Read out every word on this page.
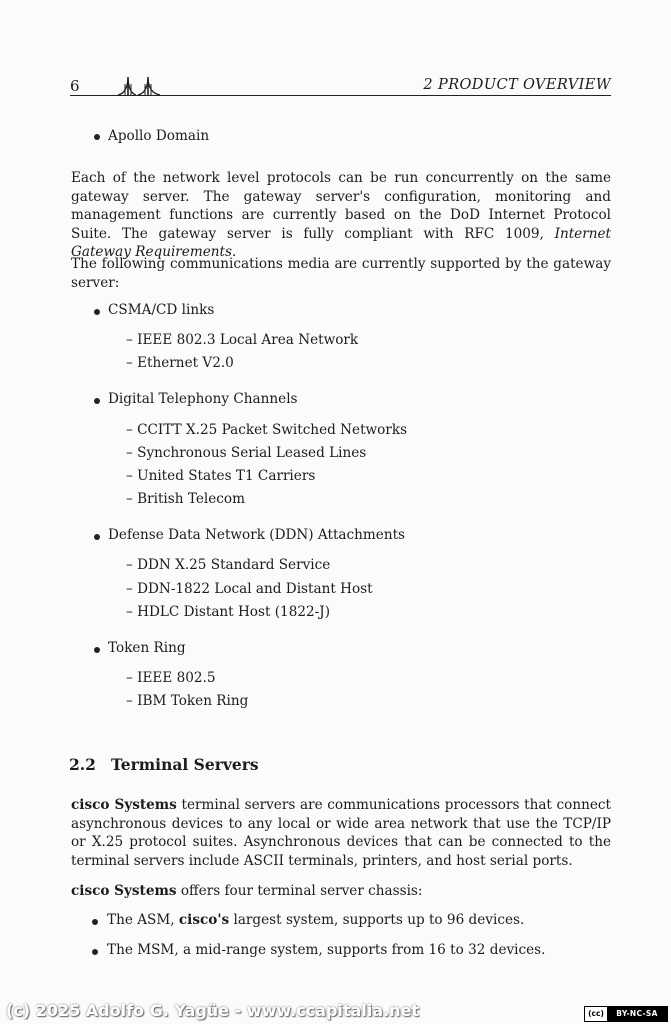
6	2 PRODUCT OVERVIEW
Apollo Domain
Each of the network level protocols can be run concurrently on the same gateway server. The gateway server's configuration, monitoring and management functions are currently based on the DoD Internet Protocol Suite. The gateway server is fully compliant with RFC 1009, Internet Gateway Requirements.
The following communications media are currently supported by the gateway server:
CSMA/CD links
– IEEE 802.3 Local Area Network
– Ethernet V2.0
Digital Telephony Channels
– CCITT X.25 Packet Switched Networks
– Synchronous Serial Leased Lines
– United States T1 Carriers
– British Telecom
Defense Data Network (DDN) Attachments
– DDN X.25 Standard Service
– DDN-1822 Local and Distant Host
– HDLC Distant Host (1822-J)
Token Ring
– IEEE 802.5
– IBM Token Ring
2.2 Terminal Servers
cisco Systems terminal servers are communications processors that connect asynchronous devices to any local or wide area network that use the TCP/IP or X.25 protocol suites. Asynchronous devices that can be connected to the terminal servers include ASCII terminals, printers, and host serial ports.
cisco Systems offers four terminal server chassis:
The ASM, cisco's largest system, supports up to 96 devices.
The MSM, a mid-range system, supports from 16 to 32 devices.
(c) 2025 Adolfo G. Yagüe - www.ccapitalia.net	(cc) BY-NC-SA
